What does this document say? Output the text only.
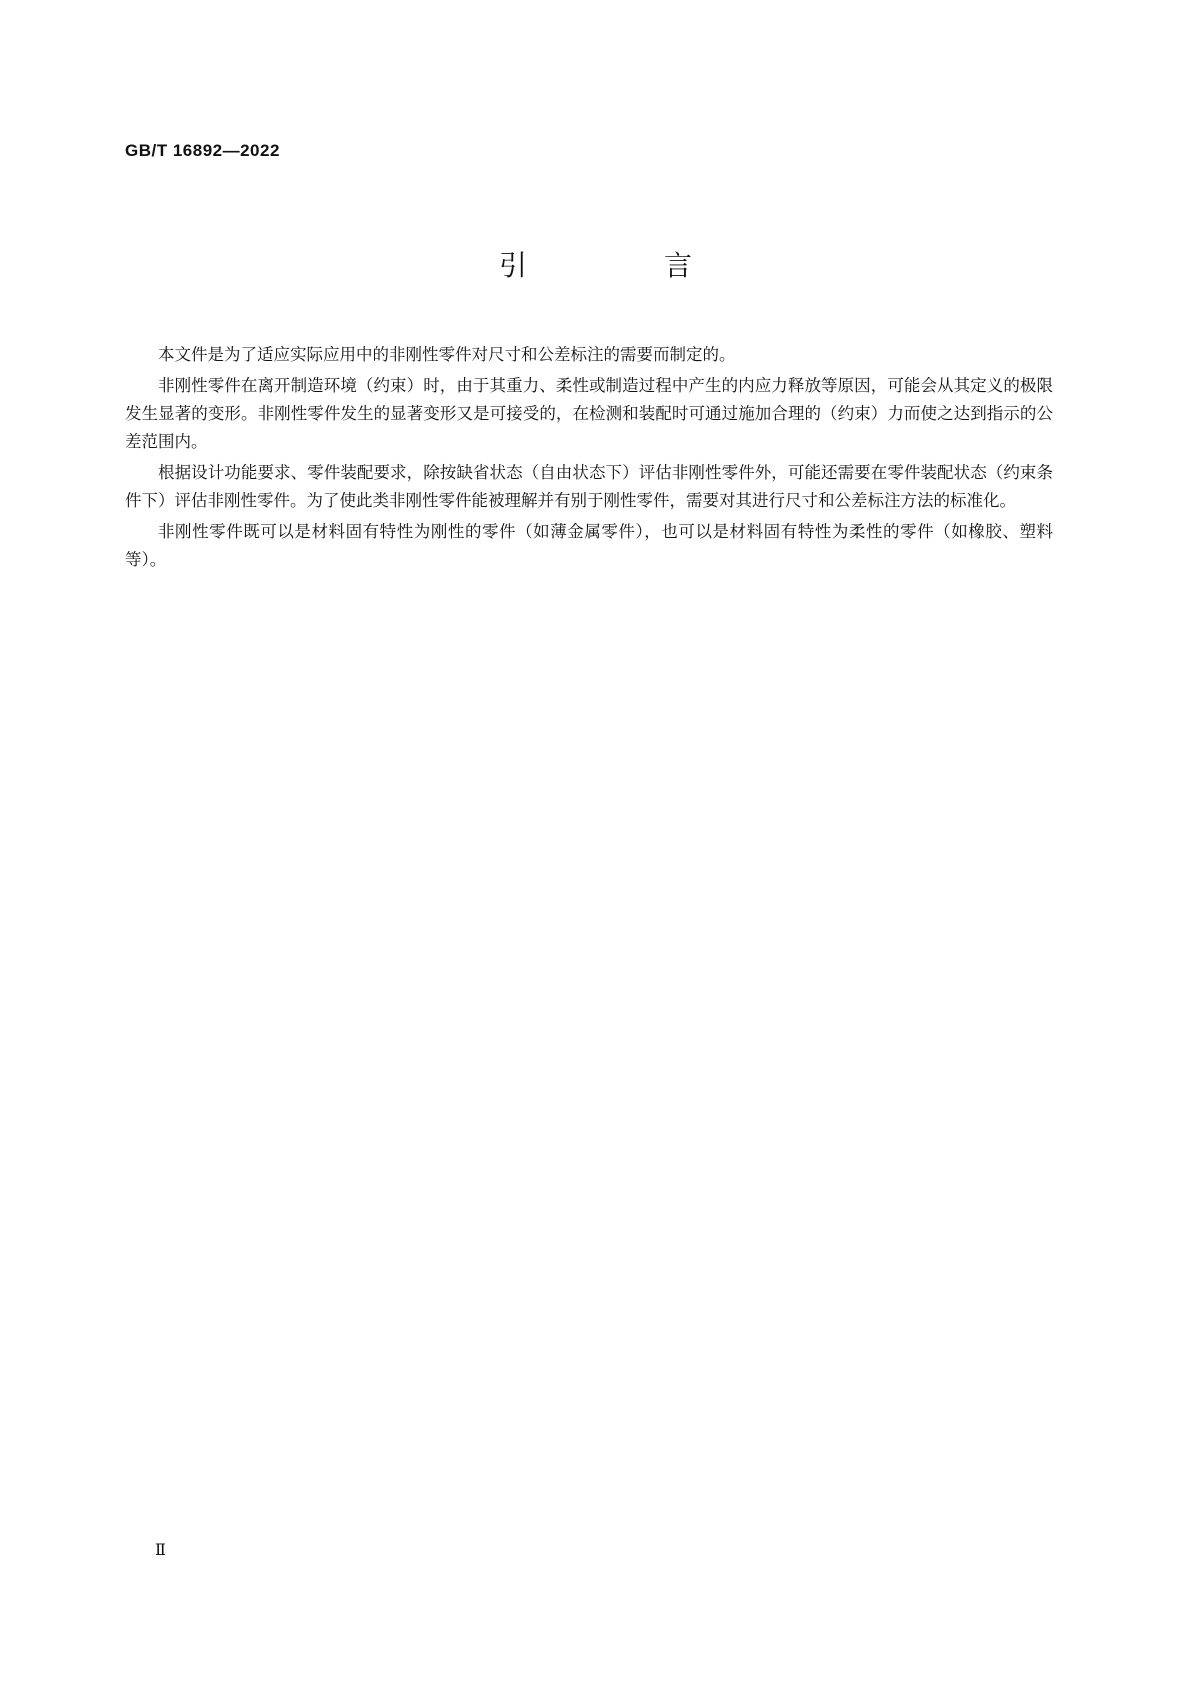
GB/T 16892—2022
引 言

本文件是为了适应实际应用中的非刚性零件对尺寸和公差标注的需要而制定的。

非刚性零件在离开制造环境（约束）时，由于其重力、柔性或制造过程中产生的内应力释放等原因，可能会从其定义的极限发生显著的变形。非刚性零件发生的显著变形又是可接受的，在检测和装配时可通过施加合理的（约束）力而使之达到指示的公差范围内。

根据设计功能要求、零件装配要求，除按缺省状态（自由状态下）评估非刚性零件外，可能还需要在零件装配状态（约束条件下）评估非刚性零件。为了使此类非刚性零件能被理解并有别于刚性零件，需要对其进行尺寸和公差标注方法的标准化。

非刚性零件既可以是材料固有特性为刚性的零件（如薄金属零件），也可以是材料固有特性为柔性的零件（如橡胶、塑料等）。

Ⅱ
